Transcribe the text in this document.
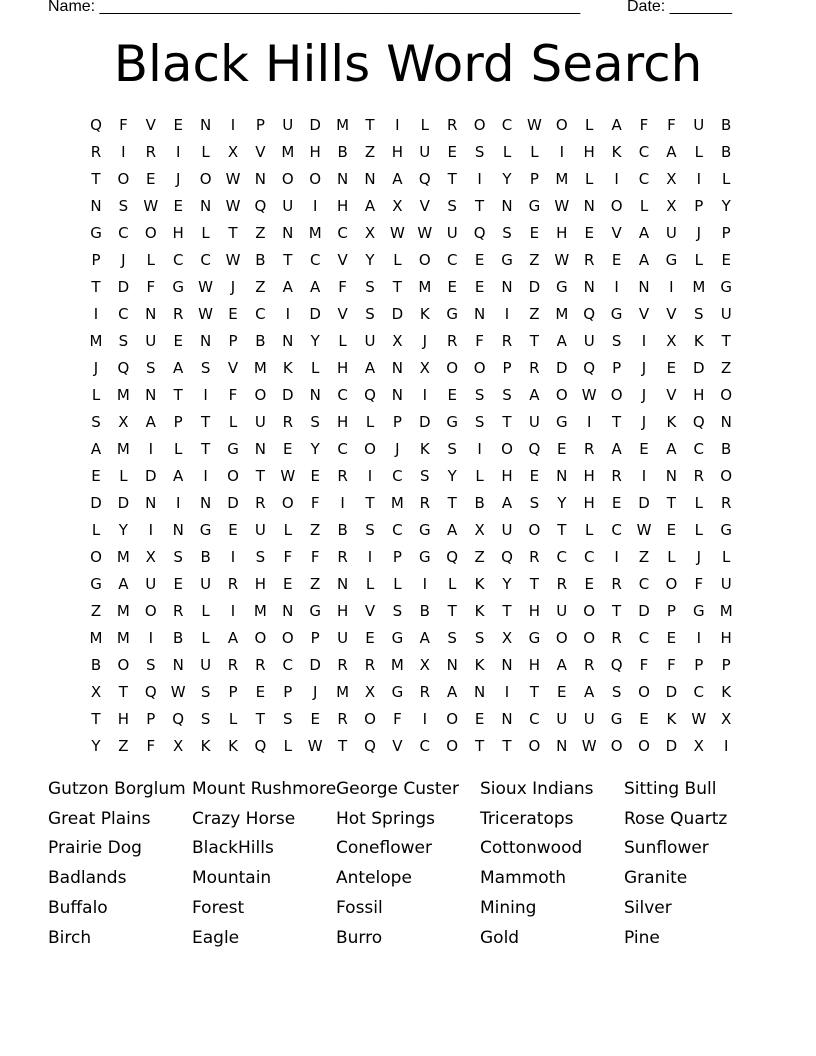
Name: ______________________________________________________	Date: _______
Black Hills Word Search
Q	F	V	E	N	I	P	U	D M	T	I	L	R	O	C W O	L	A	F	F	U	B
R	I	R	I	L	X	V	M H	B	Z	H	U	E	S	L	L	I	H	K	C	A	L	B
T	O	E	J	O W N O O N N	A	Q	T	I	Y	P	M	L	I	C	X	I	L
N	S	W	E	N W Q	U	I	H	A	X	V	S	T	N G W N O	L	X	P	Y
G	C	O H	L	T	Z	N M	C	X W W U	Q	S	E	H	E	V	A	U	J	P
P	J	L	C	C W B	T	C	V	Y	L	O	C	E	G	Z W R	E	A	G	L	E
T	D	F	G W	J	Z	A	A	F	S	T	M	E	E	N D G N	I	N	I	M G
I	C	N	R W	E	C	I	D	V	S	D	K	G N	I	Z	M Q G	V	V	S	U
M	S	U	E	N	P	B	N	Y	L	U	X	J	R	F	R	T	A	U	S	I	X	K	T
J	Q	S	A	S	V	M	K	L	H	A	N	X	O O	P	R	D Q	P	J	E	D	Z
L	M N	T	I	F	O D N	C	Q N	I	E	S	S	A	O W O	J	V	H O
S	X	A	P	T	L	U	R	S	H	L	P	D G	S	T	U	G	I	T	J	K	Q N
A	M	I	L	T	G N	E	Y	C	O	J	K	S	I	O Q	E	R	A	E	A	C	B
E	L	D	A	I	O	T	W	E	R	I	C	S	Y	L	H	E	N H	R	I	N	R	O
D D N	I	N D	R	O	F	I	T	M	R	T	B	A	S	Y	H	E	D	T	L	R
L	Y	I	N G	E	U	L	Z	B	S	C	G	A	X	U	O	T	L	C W	E	L	G
O M	X	S	B	I	S	F	F	R	I	P	G Q	Z	Q	R	C	C	I	Z	L	J	L
G	A	U	E	U	R	H	E	Z	N	L	L	I	L	K	Y	T	R	E	R	C	O	F	U
Z	M O	R	L	I	M N G H	V	S	B	T	K	T	H	U	O	T	D	P	G M
M M	I	B	L	A	O O	P	U	E	G	A	S	S	X	G O O	R	C	E	I	H
B	O	S	N	U	R	R	C	D	R	R	M	X	N	K	N H	A	R	Q	F	F	P	P
X	T	Q W	S	P	E	P	J	M	X	G	R	A	N	I	T	E	A	S	O D	C	K
T	H	P	Q	S	L	T	S	E	R	O	F	I	O	E	N	C	U	U	G	E	K	W X
Y	Z	F	X	K	K	Q	L	W	T	Q	V	C	O	T	T	O N W O O D	X	I
Gutzon Borglum
Great Plains
Prairie Dog
Badlands
Buffalo
Birch
Mount Rushmore
Crazy Horse
BlackHills
Mountain
Forest
Eagle
George Custer
Hot Springs
Coneflower
Antelope
Fossil
Burro
Sioux Indians
Triceratops
Cottonwood
Mammoth
Mining
Gold
Sitting Bull
Rose Quartz
Sunflower
Granite
Silver
Pine
